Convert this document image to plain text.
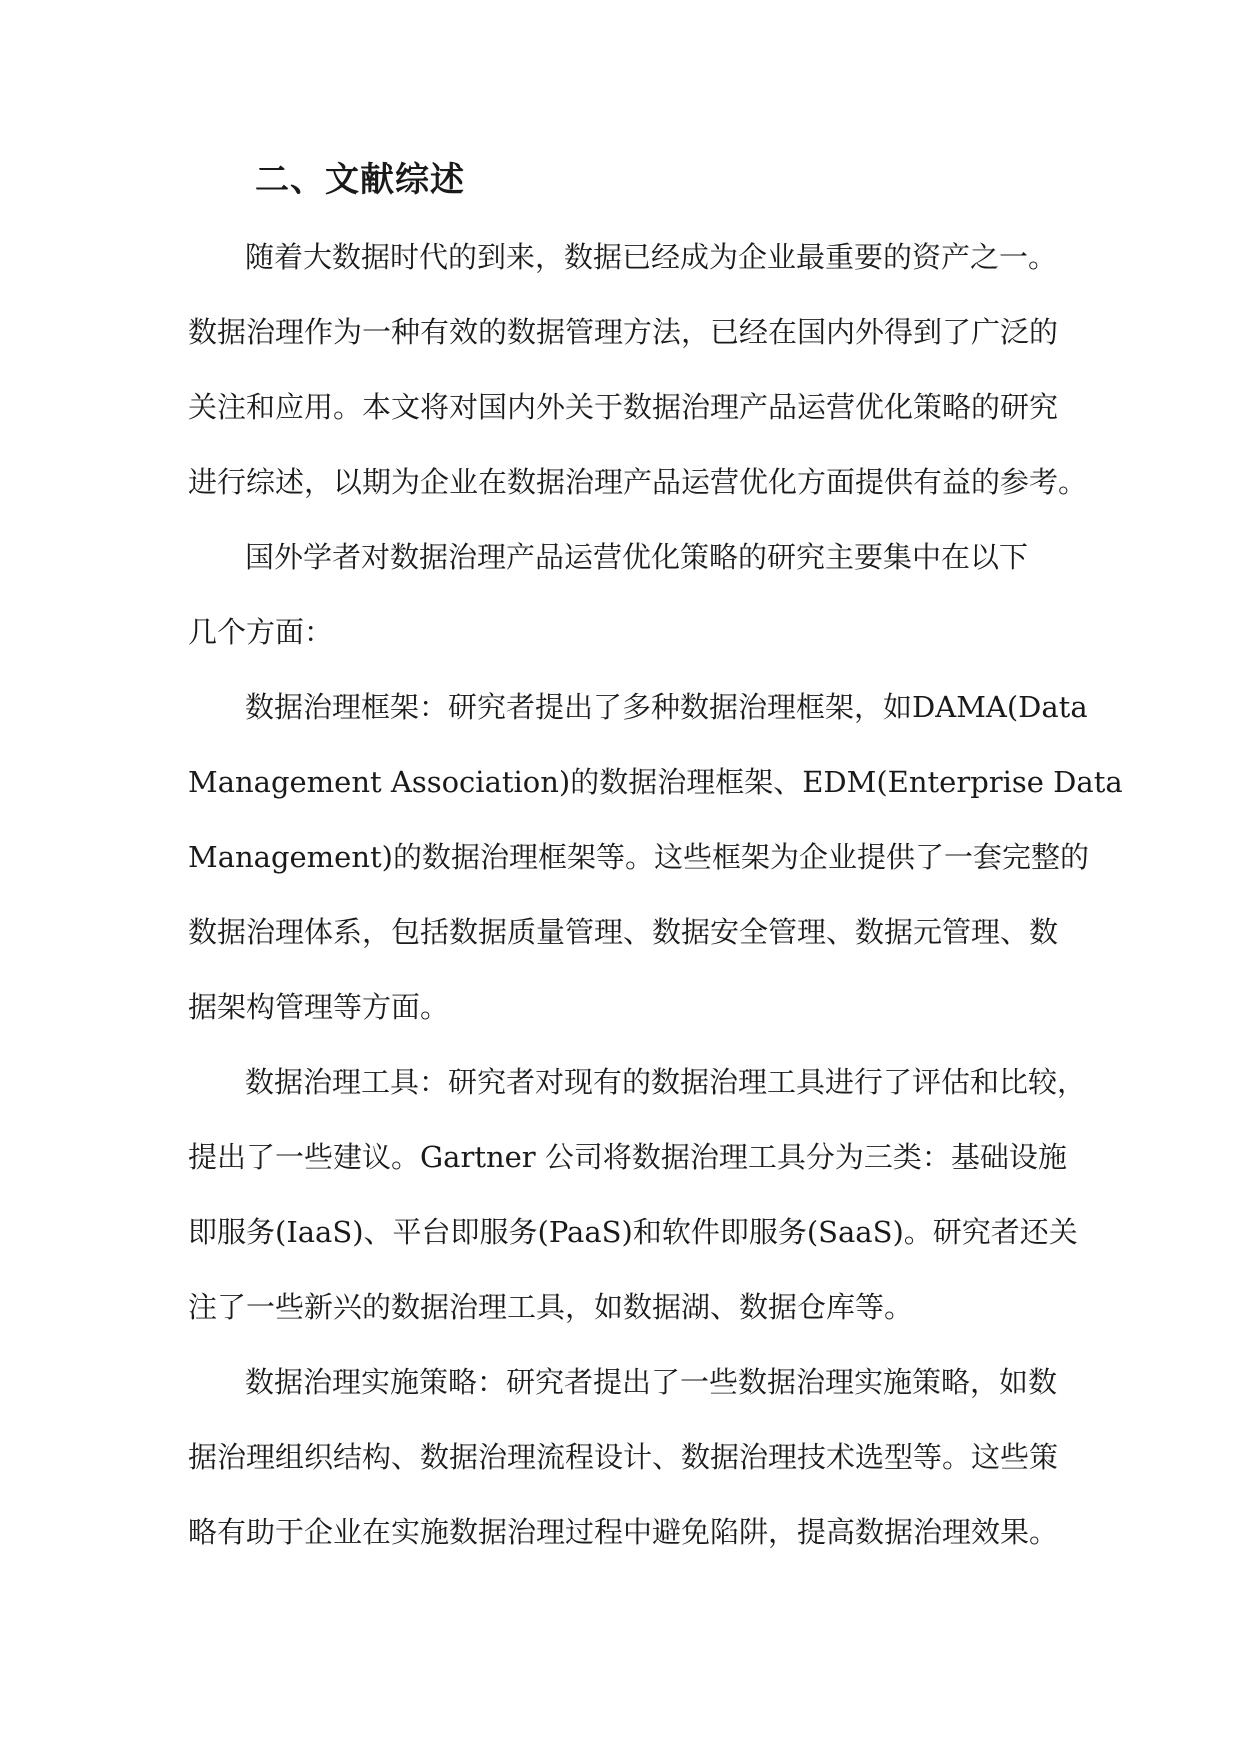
二、文献综述

随着大数据时代的到来，数据已经成为企业最重要的资产之一。

数据治理作为一种有效的数据管理方法，已经在国内外得到了广泛的

关注和应用。本文将对国内外关于数据治理产品运营优化策略的研究

进行综述，以期为企业在数据治理产品运营优化方面提供有益的参考。

国外学者对数据治理产品运营优化策略的研究主要集中在以下

几个方面：

数据治理框架：研究者提出了多种数据治理框架，如DAMA(Data

Management Association)的数据治理框架、EDM(Enterprise Data

Management)的数据治理框架等。这些框架为企业提供了一套完整的

数据治理体系，包括数据质量管理、数据安全管理、数据元管理、数

据架构管理等方面。

数据治理工具：研究者对现有的数据治理工具进行了评估和比较，

提出了一些建议。Gartner 公司将数据治理工具分为三类：基础设施

即服务(IaaS)、平台即服务(PaaS)和软件即服务(SaaS)。研究者还关

注了一些新兴的数据治理工具，如数据湖、数据仓库等。

数据治理实施策略：研究者提出了一些数据治理实施策略，如数

据治理组织结构、数据治理流程设计、数据治理技术选型等。这些策

略有助于企业在实施数据治理过程中避免陷阱，提高数据治理效果。
